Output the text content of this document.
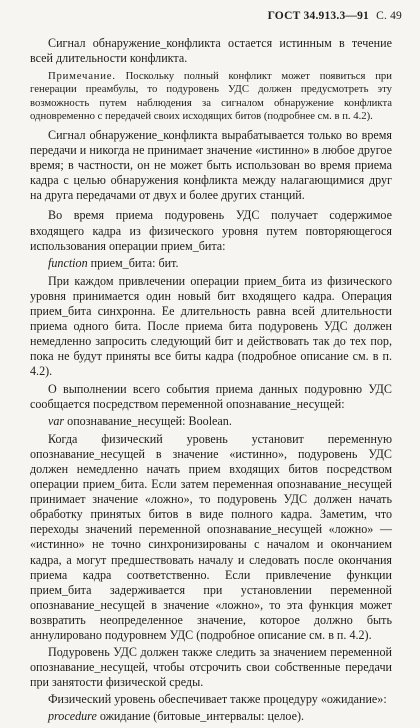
ГОСТ 34.913.3—91 С. 49

Сигнал обнаружение_конфликта остается истинным в течение всей длительности конфликта.

Примечание. Поскольку полный конфликт может появиться при генерации преамбулы, то подуровень УДС должен предусмотреть эту возможность путем наблюдения за сигналом обнаружение конфликта одновременно с передачей своих исходящих битов (подробнее см. в п. 4.2).

Сигнал обнаружение_конфликта вырабатывается только во время передачи и никогда не принимает значение «истинно» в любое другое время; в частности, он не может быть использован во время приема кадра с целью обнаружения конфликта между налагающимися друг на друга передачами от двух и более других станций.

Во время приема подуровень УДС получает содержимое входящего кадра из физического уровня путем повторяющегося использования операции прием_бита:

function прием_бита: бит.

При каждом привлечении операции прием_бита из физического уровня принимается один новый бит входящего кадра. Операция прием_бита синхронна. Ее длительность равна всей длительности приема одного бита. После приема бита подуровень УДС должен немедленно запросить следующий бит и действовать так до тех пор, пока не будут приняты все биты кадра (подробное описание см. в п. 4.2).

О выполнении всего события приема данных подуровню УДС сообщается посредством переменной опознавание_несущей:

var опознавание_несущей: Boolean.

Когда физический уровень установит переменную опознавание_несущей в значение «истинно», подуровень УДС должен немедленно начать прием входящих битов посредством операции прием_бита. Если затем переменная опознавание_несущей принимает значение «ложно», то подуровень УДС должен начать обработку принятых битов в виде полного кадра. Заметим, что переходы значений переменной опознавание_несущей «ложно» — «истинно» не точно синхронизированы с началом и окончанием кадра, а могут предшествовать началу и следовать после окончания приема кадра соответственно. Если привлечение функции прием_бита задерживается при установлении переменной опознавание_несущей в значение «ложно», то эта функция может возвратить неопределенное значение, которое должно быть аннулировано подуровнем УДС (подробное описание см. в п. 4.2).

Подуровень УДС должен также следить за значением переменной опознавание_несущей, чтобы отсрочить свои собственные передачи при занятости физической среды.

Физический уровень обеспечивает также процедуру «ожидание»:

procedure ожидание (битовые_интервалы: целое).
